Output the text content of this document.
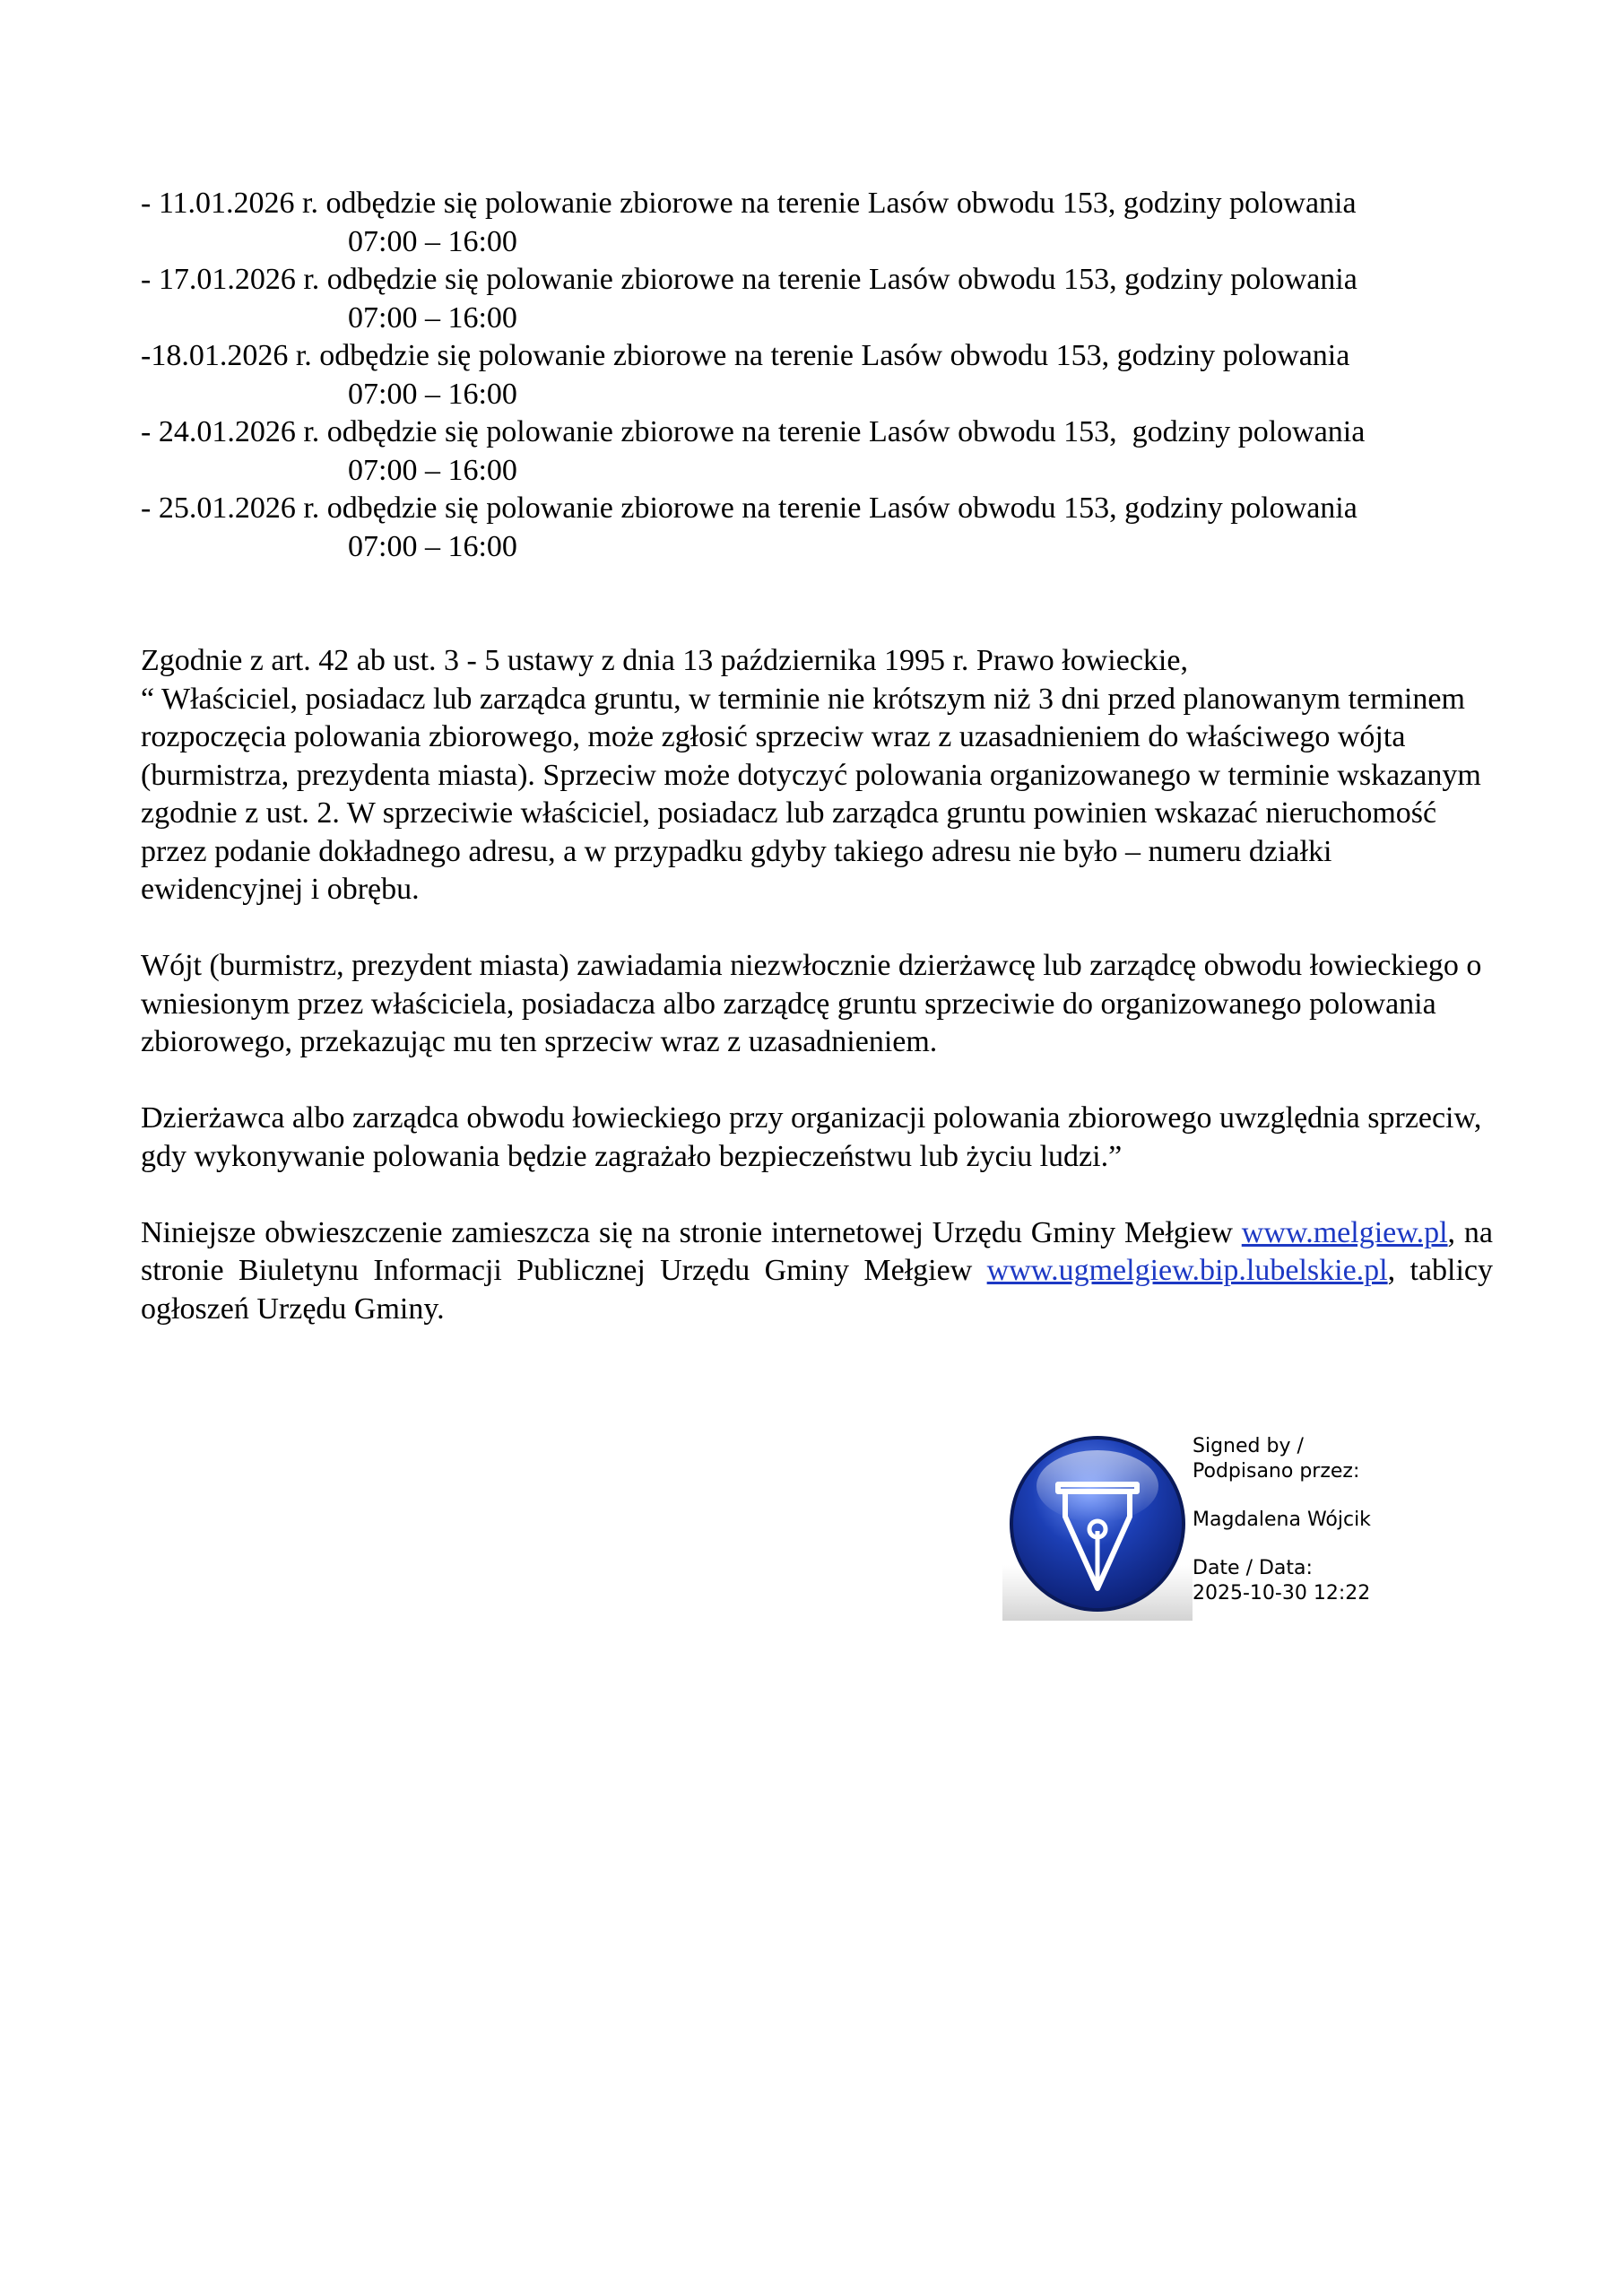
- 11.01.2026 r. odbędzie się polowanie zbiorowe na terenie Lasów obwodu 153, godziny polowania
07:00 – 16:00

- 17.01.2026 r. odbędzie się polowanie zbiorowe na terenie Lasów obwodu 153, godziny polowania
07:00 – 16:00

-18.01.2026 r. odbędzie się polowanie zbiorowe na terenie Lasów obwodu 153, godziny polowania
07:00 – 16:00

- 24.01.2026 r. odbędzie się polowanie zbiorowe na terenie Lasów obwodu 153,  godziny polowania
07:00 – 16:00

- 25.01.2026 r. odbędzie się polowanie zbiorowe na terenie Lasów obwodu 153, godziny polowania
07:00 – 16:00

Zgodnie z art. 42 ab ust. 3 - 5 ustawy z dnia 13 października 1995 r. Prawo łowieckie,
“ Właściciel, posiadacz lub zarządca gruntu, w terminie nie krótszym niż 3 dni przed planowanym terminem rozpoczęcia polowania zbiorowego, może zgłosić sprzeciw wraz z uzasadnieniem do właściwego wójta (burmistrza, prezydenta miasta). Sprzeciw może dotyczyć polowania organizowanego w terminie wskazanym zgodnie z ust. 2. W sprzeciwie właściciel, posiadacz lub zarządca gruntu powinien wskazać nieruchomość przez podanie dokładnego adresu, a w przypadku gdyby takiego adresu nie było – numeru działki ewidencyjnej i obrębu.

Wójt (burmistrz, prezydent miasta) zawiadamia niezwłocznie dzierżawcę lub zarządcę obwodu łowieckiego o wniesionym przez właściciela, posiadacza albo zarządcę gruntu sprzeciwie do organizowanego polowania zbiorowego, przekazując mu ten sprzeciw wraz z uzasadnieniem.

Dzierżawca albo zarządca obwodu łowieckiego przy organizacji polowania zbiorowego uwzględnia sprzeciw, gdy wykonywanie polowania będzie zagrażało bezpieczeństwu lub życiu ludzi.”

Niniejsze obwieszczenie zamieszcza się na stronie internetowej Urzędu Gminy Mełgiew www.melgiew.pl, na stronie Biuletynu Informacji Publicznej Urzędu Gminy Mełgiew www.ugmelgiew.bip.lubelskie.pl, tablicy ogłoszeń Urzędu Gminy.

Signed by /
Podpisano przez:
Magdalena Wójcik
Date / Data:
2025-10-30 12:22
